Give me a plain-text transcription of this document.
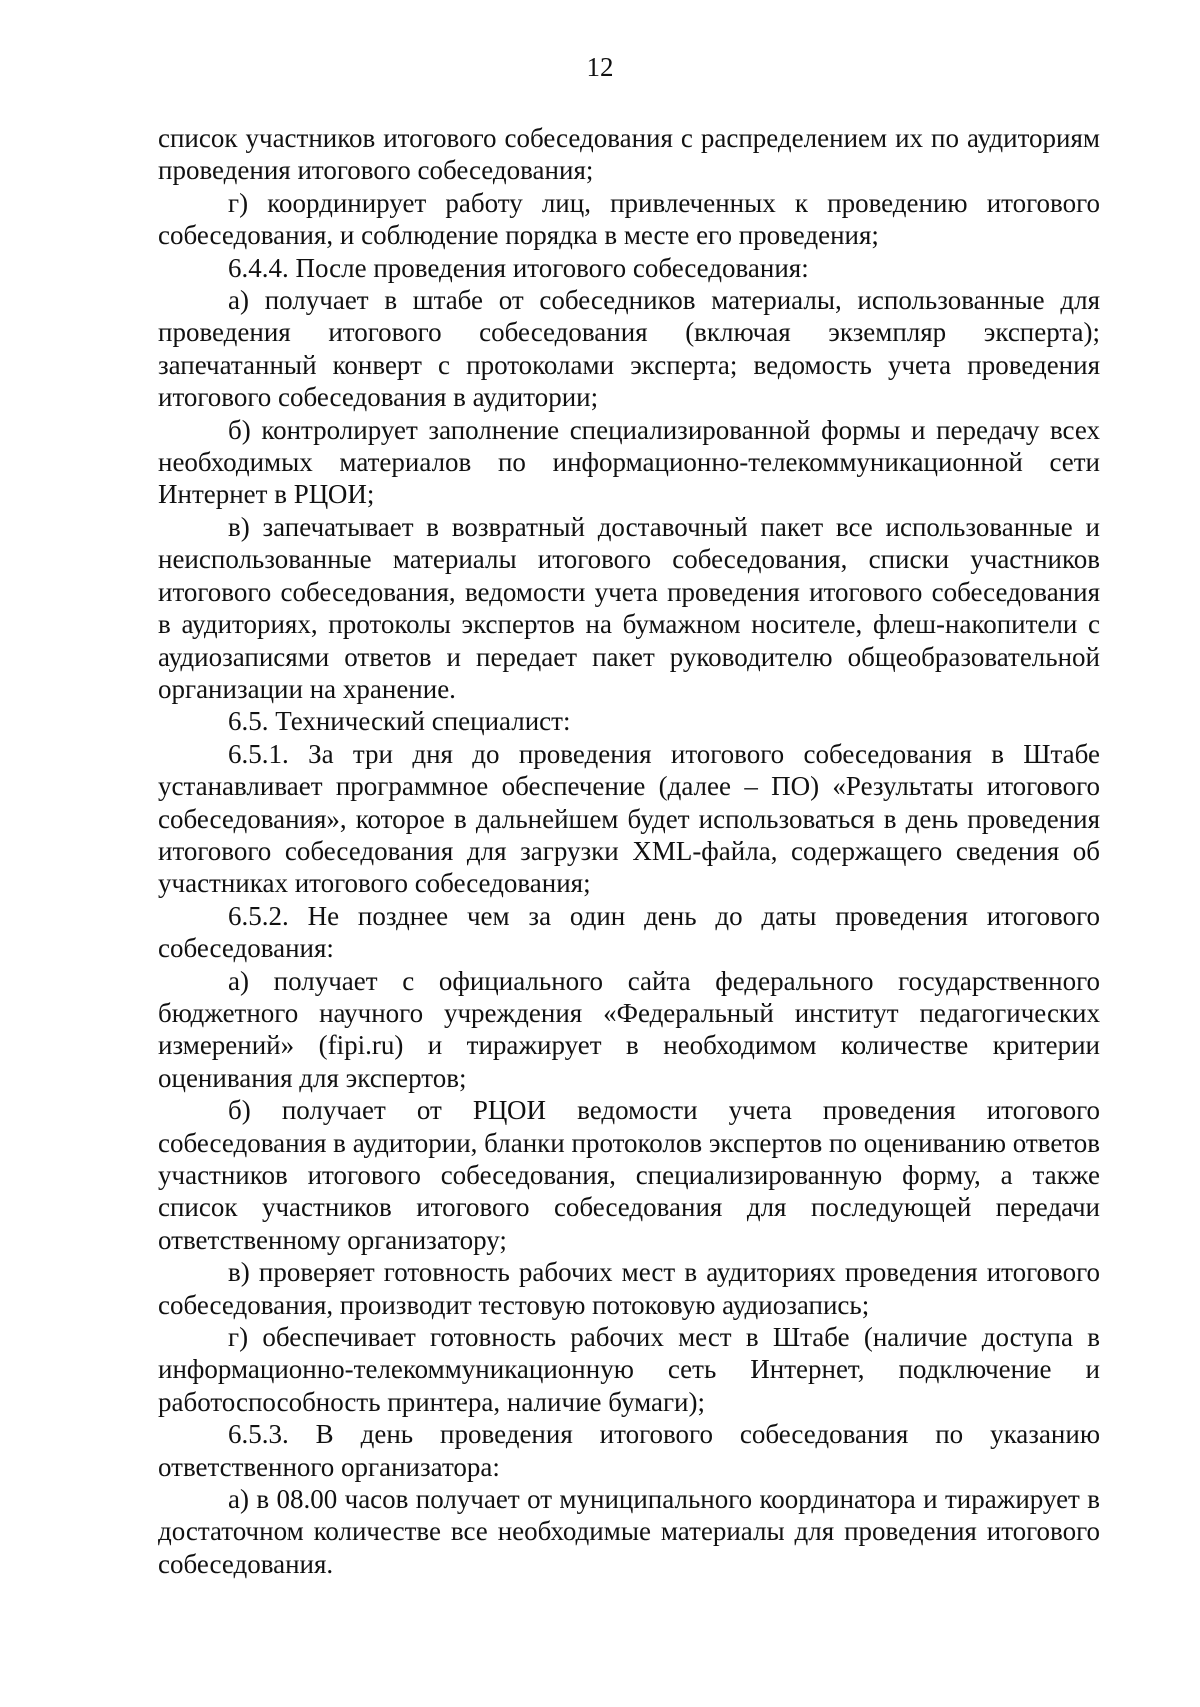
12

список участников итогового собеседования с распределением их по аудиториям проведения итогового собеседования;

г) координирует работу лиц, привлеченных к проведению итогового собеседования, и соблюдение порядка в месте его проведения;

6.4.4. После проведения итогового собеседования:

а) получает в штабе от собеседников материалы, использованные для проведения итогового собеседования (включая экземпляр эксперта); запечатанный конверт с протоколами эксперта; ведомость учета проведения итогового собеседования в аудитории;

б) контролирует заполнение специализированной формы и передачу всех необходимых материалов по информационно-телекоммуникационной сети Интернет в РЦОИ;

в) запечатывает в возвратный доставочный пакет все использованные и неиспользованные материалы итогового собеседования, списки участников итогового собеседования, ведомости учета проведения итогового собеседования в аудиториях, протоколы экспертов на бумажном носителе, флеш-накопители с аудиозаписями ответов и передает пакет руководителю общеобразовательной организации на хранение.

6.5. Технический специалист:

6.5.1. За три дня до проведения итогового собеседования в Штабе устанавливает программное обеспечение (далее – ПО) «Результаты итогового собеседования», которое в дальнейшем будет использоваться в день проведения итогового собеседования для загрузки XML-файла, содержащего сведения об участниках итогового собеседования;

6.5.2. Не позднее чем за один день до даты проведения итогового собеседования:

а) получает с официального сайта федерального государственного бюджетного научного учреждения «Федеральный институт педагогических измерений» (fipi.ru) и тиражирует в необходимом количестве критерии оценивания для экспертов;

б) получает от РЦОИ ведомости учета проведения итогового собеседования в аудитории, бланки протоколов экспертов по оцениванию ответов участников итогового собеседования, специализированную форму, а также список участников итогового собеседования для последующей передачи ответственному организатору;

в) проверяет готовность рабочих мест в аудиториях проведения итогового собеседования, производит тестовую потоковую аудиозапись;

г) обеспечивает готовность рабочих мест в Штабе (наличие доступа в информационно-телекоммуникационную сеть Интернет, подключение и работоспособность принтера, наличие бумаги);

6.5.3. В день проведения итогового собеседования по указанию ответственного организатора:

а) в 08.00 часов получает от муниципального координатора и тиражирует в достаточном количестве все необходимые материалы для проведения итогового собеседования.
